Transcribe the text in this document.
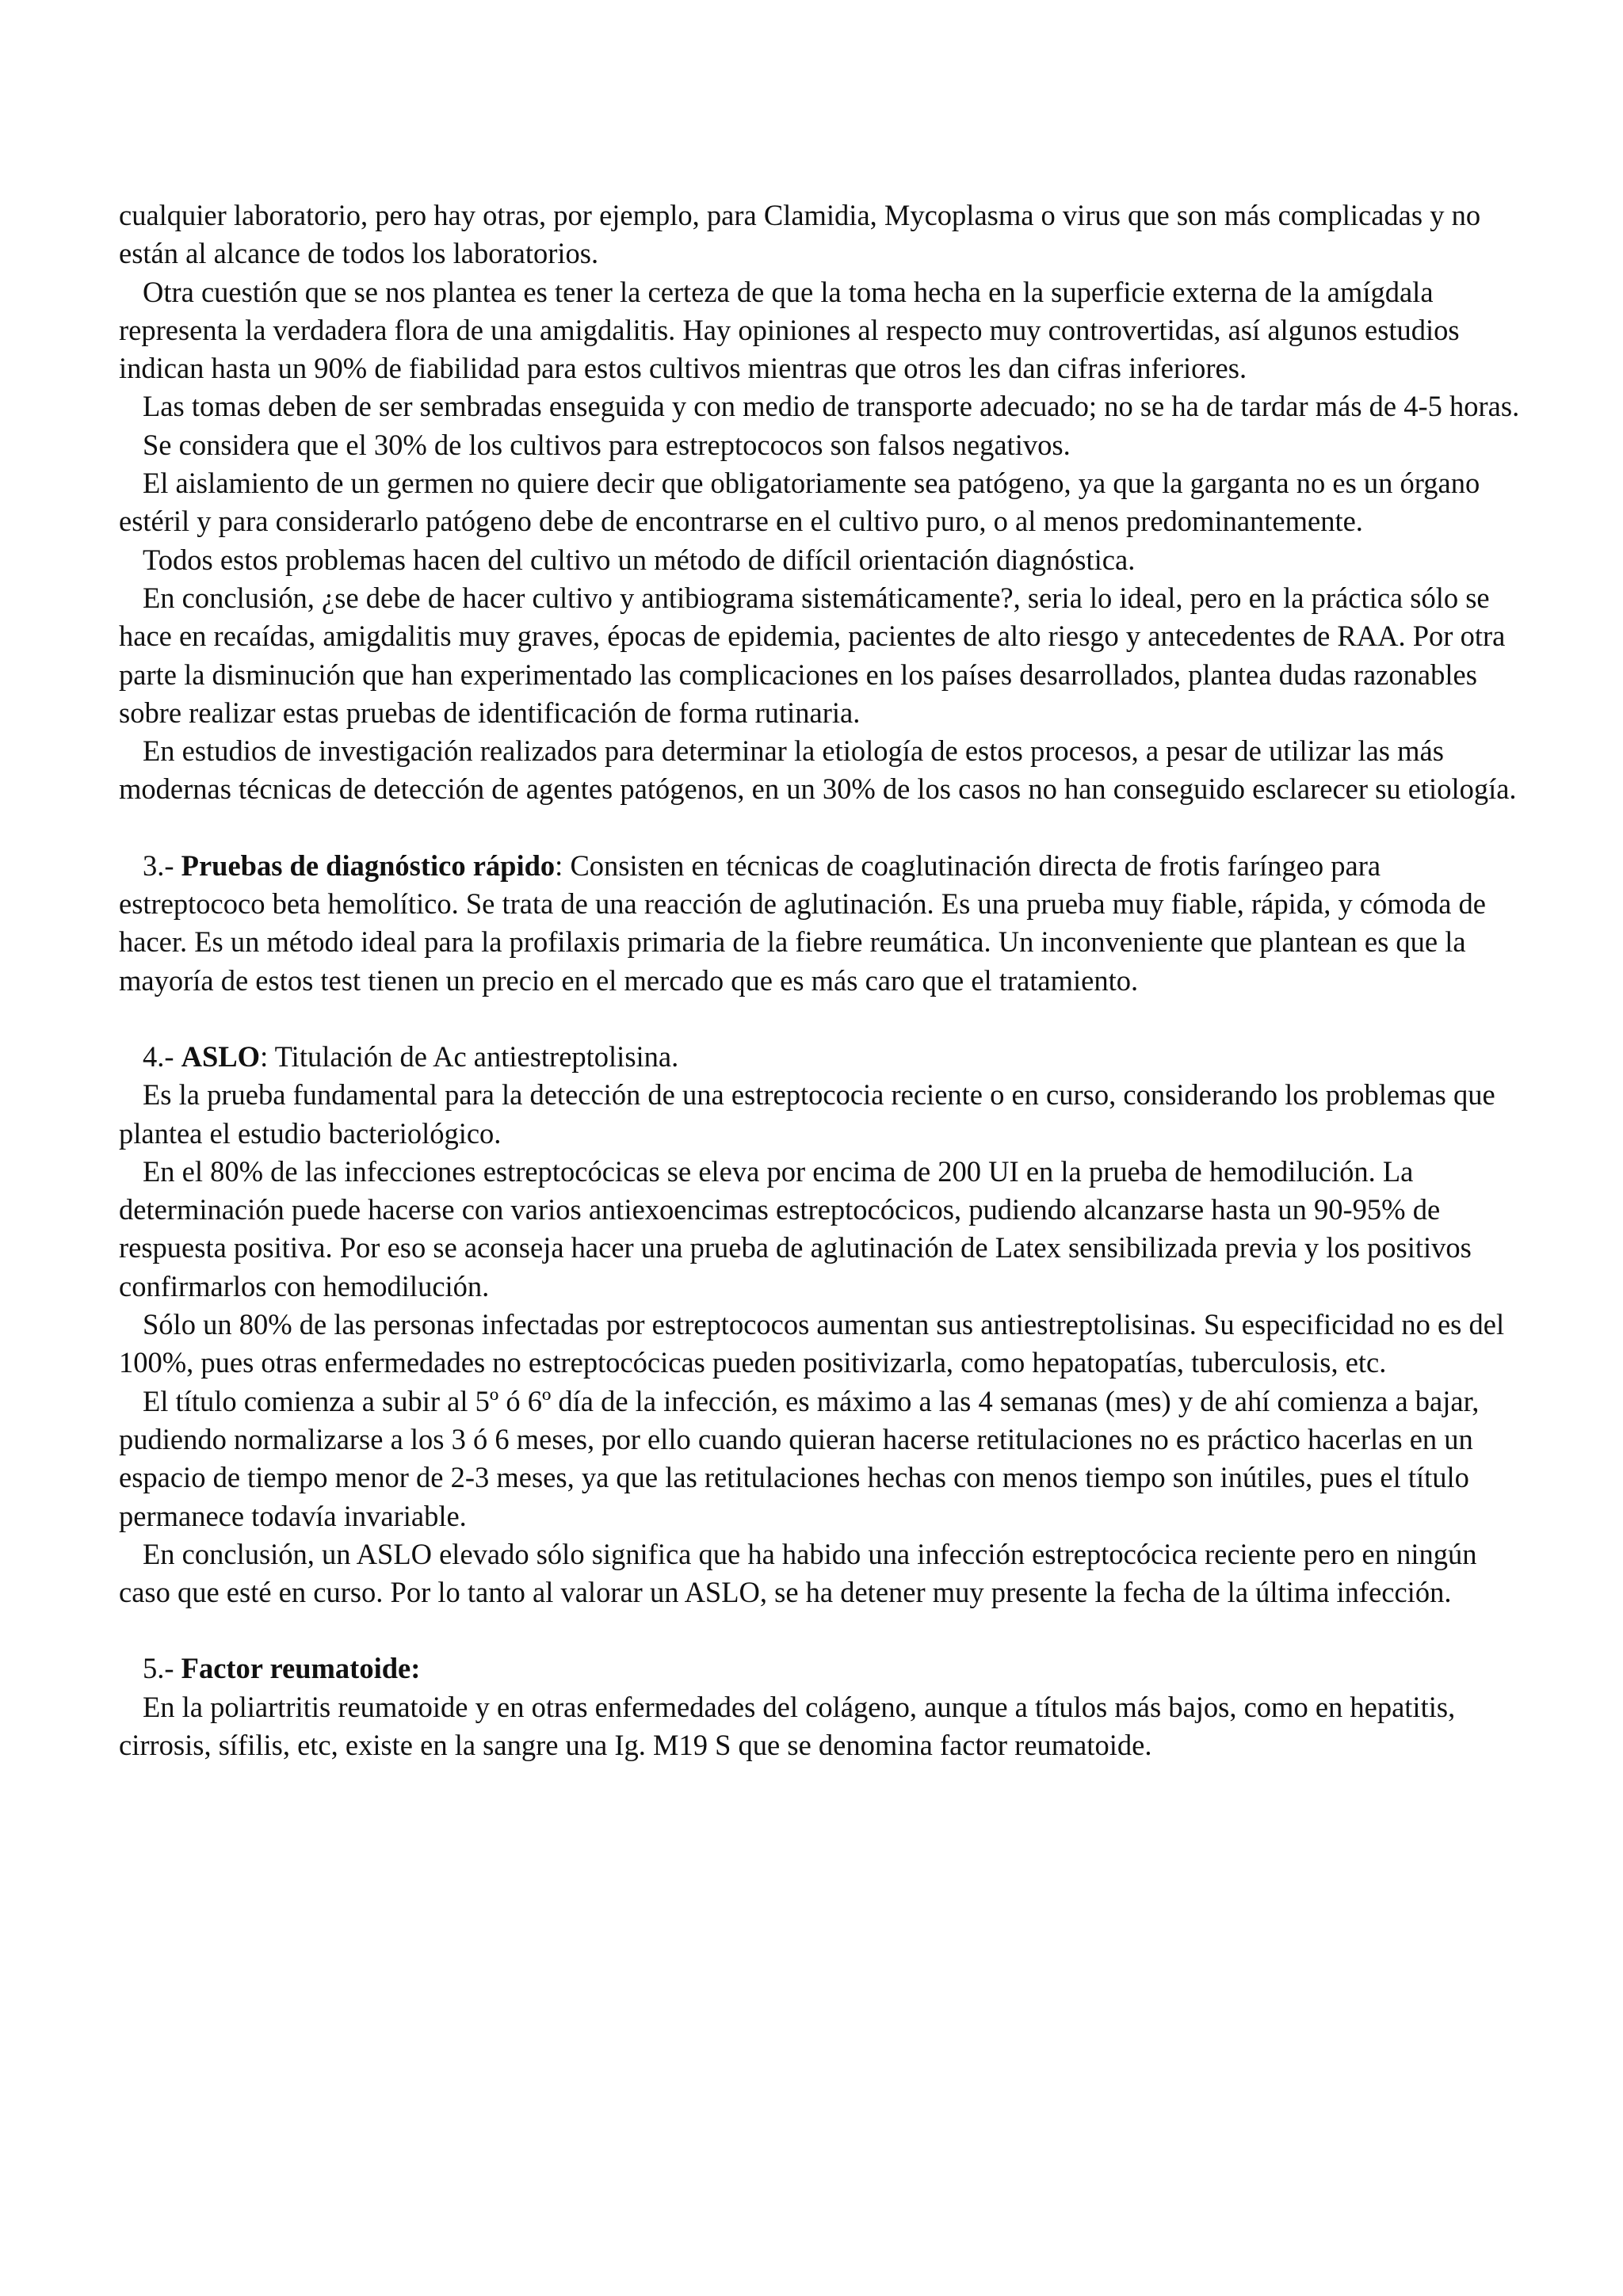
cualquier laboratorio, pero hay otras, por ejemplo, para Clamidia, Mycoplasma o virus que son más complicadas y no están al alcance de todos los laboratorios.

Otra cuestión que se nos plantea es tener la certeza de que la toma hecha en la superficie externa de la amígdala representa la verdadera flora de una amigdalitis. Hay opiniones al respecto muy controvertidas, así algunos estudios indican hasta un 90% de fiabilidad para estos cultivos mientras que otros les dan cifras inferiores.

Las tomas deben de ser sembradas enseguida y con medio de transporte adecuado; no se ha de tardar más de 4-5 horas.

Se considera que el 30% de los cultivos para estreptococos son falsos negativos.

El aislamiento de un germen no quiere decir que obligatoriamente sea patógeno, ya que la garganta no es un órgano estéril y para considerarlo patógeno debe de encontrarse en el cultivo puro, o al menos predominantemente.

Todos estos problemas hacen del cultivo un método de difícil orientación diagnóstica.

En conclusión, ¿se debe de hacer cultivo y antibiograma sistemáticamente?, seria lo ideal, pero en la práctica sólo se hace en recaídas, amigdalitis muy graves, épocas de epidemia, pacientes de alto riesgo y antecedentes de RAA. Por otra parte la disminución que han experimentado las complicaciones en los países desarrollados, plantea dudas razonables sobre realizar estas pruebas de identificación de forma rutinaria.

En estudios de investigación realizados para determinar la etiología de estos procesos, a pesar de utilizar las más modernas técnicas de detección de agentes patógenos, en un 30% de los casos no han conseguido esclarecer su etiología.

3.- Pruebas de diagnóstico rápido: Consisten en técnicas de coaglutinación directa de frotis faríngeo para estreptococo beta hemolítico. Se trata de una reacción de aglutinación. Es una prueba muy fiable, rápida, y cómoda de hacer. Es un método ideal para la profilaxis primaria de la fiebre reumática. Un inconveniente que plantean es que la mayoría de estos test tienen un precio en el mercado que es más caro que el tratamiento.

4.- ASLO: Titulación de Ac antiestreptolisina.

Es la prueba fundamental para la detección de una estreptococia reciente o en curso, considerando los problemas que plantea el estudio bacteriológico.

En el 80% de las infecciones estreptocócicas se eleva por encima de 200 UI en la prueba de hemodilución. La determinación puede hacerse con varios antiexoencimas estreptocócicos, pudiendo alcanzarse hasta un 90-95% de respuesta positiva. Por eso se aconseja hacer una prueba de aglutinación de Latex sensibilizada previa y los positivos confirmarlos con hemodilución.

Sólo un 80% de las personas infectadas por estreptococos aumentan sus antiestreptolisinas. Su especificidad no es del 100%, pues otras enfermedades no estreptocócicas pueden positivizarla, como hepatopatías, tuberculosis, etc.

El título comienza a subir al 5º ó 6º día de la infección, es máximo a las 4 semanas (mes) y de ahí comienza a bajar, pudiendo normalizarse a los 3 ó 6 meses, por ello cuando quieran hacerse retitulaciones no es práctico hacerlas en un espacio de tiempo menor de 2-3 meses, ya que las retitulaciones hechas con menos tiempo son inútiles, pues el título permanece todavía invariable.

En conclusión, un ASLO elevado sólo significa que ha habido una infección estreptocócica reciente pero en ningún caso que esté en curso. Por lo tanto al valorar un ASLO, se ha detener muy presente la fecha de la última infección.

5.- Factor reumatoide:

En la poliartritis reumatoide y en otras enfermedades del colágeno, aunque a títulos más bajos, como en hepatitis, cirrosis, sífilis, etc, existe en la sangre una Ig. M19 S que se denomina factor reumatoide.
